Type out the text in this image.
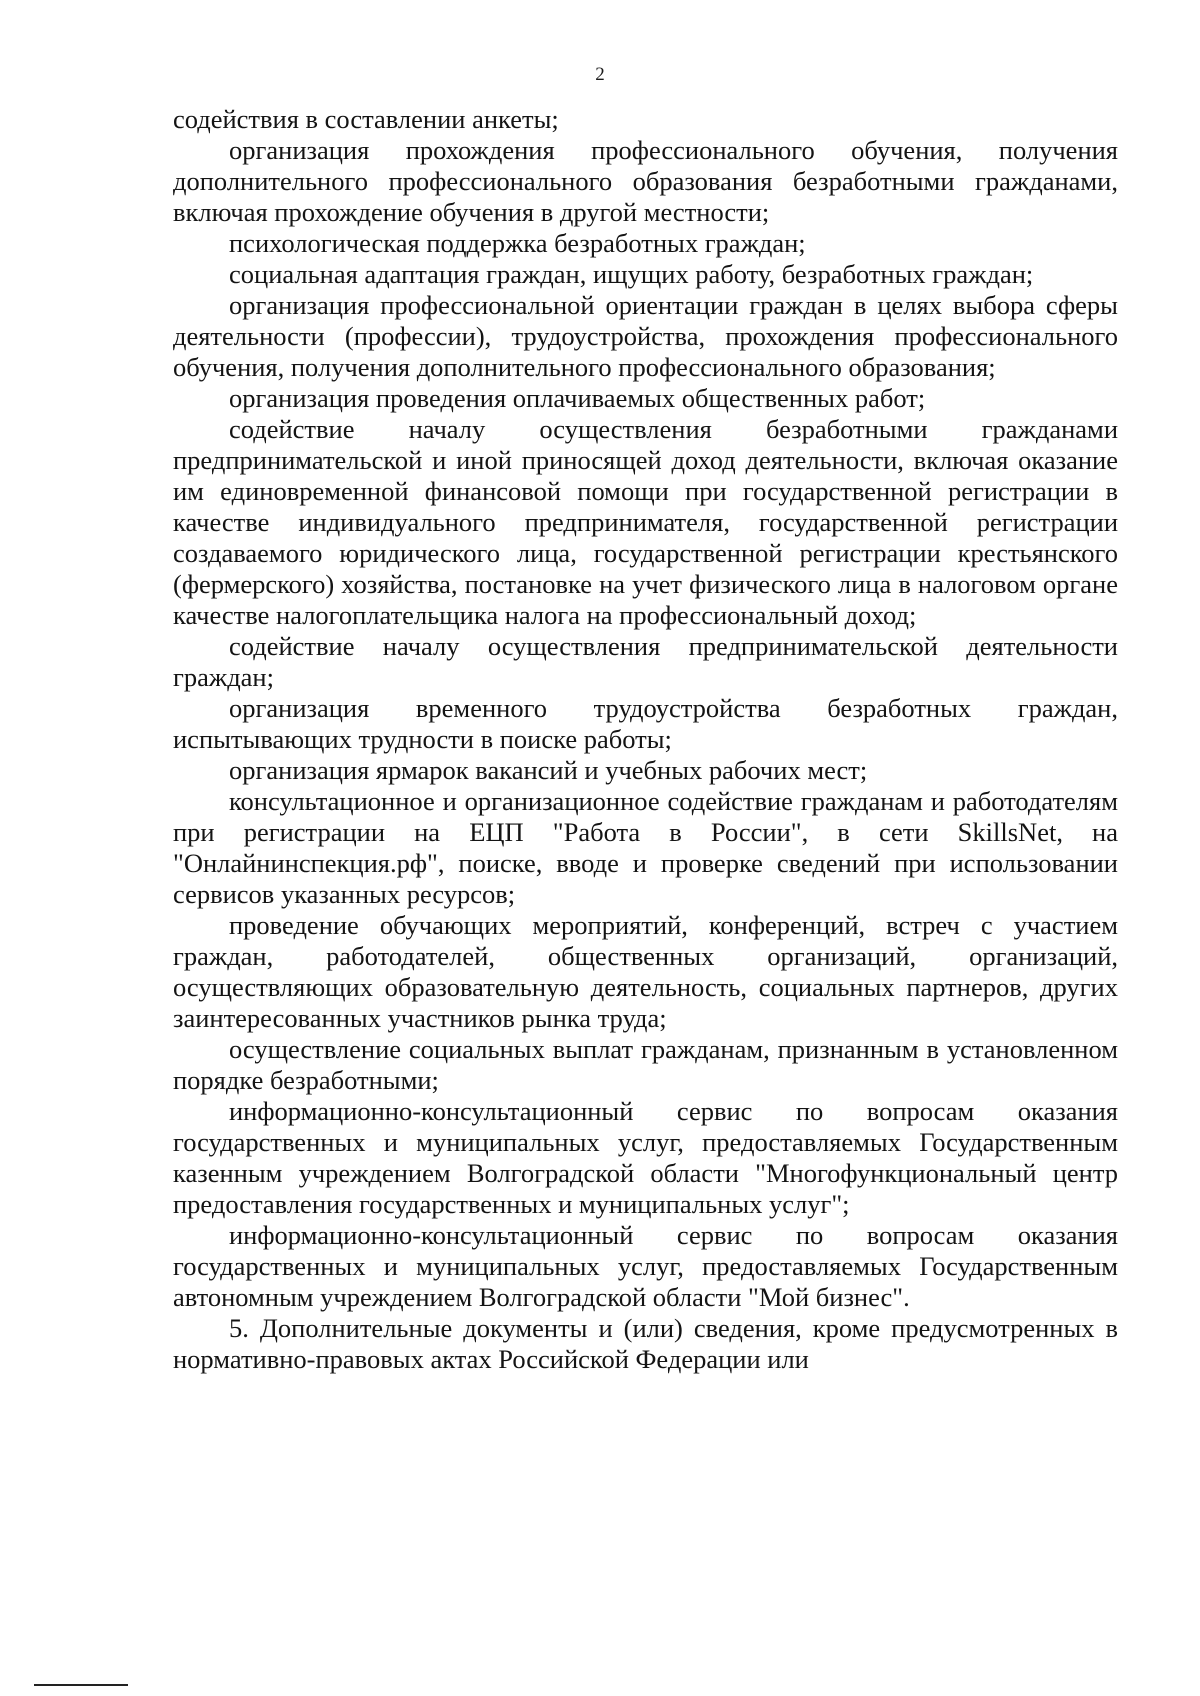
2

содействия в составлении анкеты;

организация прохождения профессионального обучения, получения дополнительного профессионального образования безработными гражданами, включая прохождение обучения в другой местности;

психологическая поддержка безработных граждан;

социальная адаптация граждан, ищущих работу, безработных граждан;

организация профессиональной ориентации граждан в целях выбора сферы деятельности (профессии), трудоустройства, прохождения профессионального обучения, получения дополнительного профессионального образования;

организация проведения оплачиваемых общественных работ;

содействие началу осуществления безработными гражданами предпринимательской и иной приносящей доход деятельности, включая оказание им единовременной финансовой помощи при государственной регистрации в качестве индивидуального предпринимателя, государственной регистрации создаваемого юридического лица, государственной регистрации крестьянского (фермерского) хозяйства, постановке на учет физического лица в налоговом органе качестве налогоплательщика налога на профессиональный доход;

содействие началу осуществления предпринимательской деятельности граждан;

организация временного трудоустройства безработных граждан, испытывающих трудности в поиске работы;

организация ярмарок вакансий и учебных рабочих мест;

консультационное и организационное содействие гражданам и работодателям при регистрации на ЕЦП "Работа в России", в сети SkillsNet, на "Онлайнинспекция.рф", поиске, вводе и проверке сведений при использовании сервисов указанных ресурсов;

проведение обучающих мероприятий, конференций, встреч с участием граждан, работодателей, общественных организаций, организаций, осуществляющих образовательную деятельность, социальных партнеров, других заинтересованных участников рынка труда;

осуществление социальных выплат гражданам, признанным в установленном порядке безработными;

информационно-консультационный сервис по вопросам оказания государственных и муниципальных услуг, предоставляемых Государственным казенным учреждением Волгоградской области "Многофункциональный центр предоставления государственных и муниципальных услуг";

информационно-консультационный сервис по вопросам оказания государственных и муниципальных услуг, предоставляемых Государственным автономным учреждением Волгоградской области "Мой бизнес".

5. Дополнительные документы и (или) сведения, кроме предусмотренных в нормативно-правовых актах Российской Федерации или
